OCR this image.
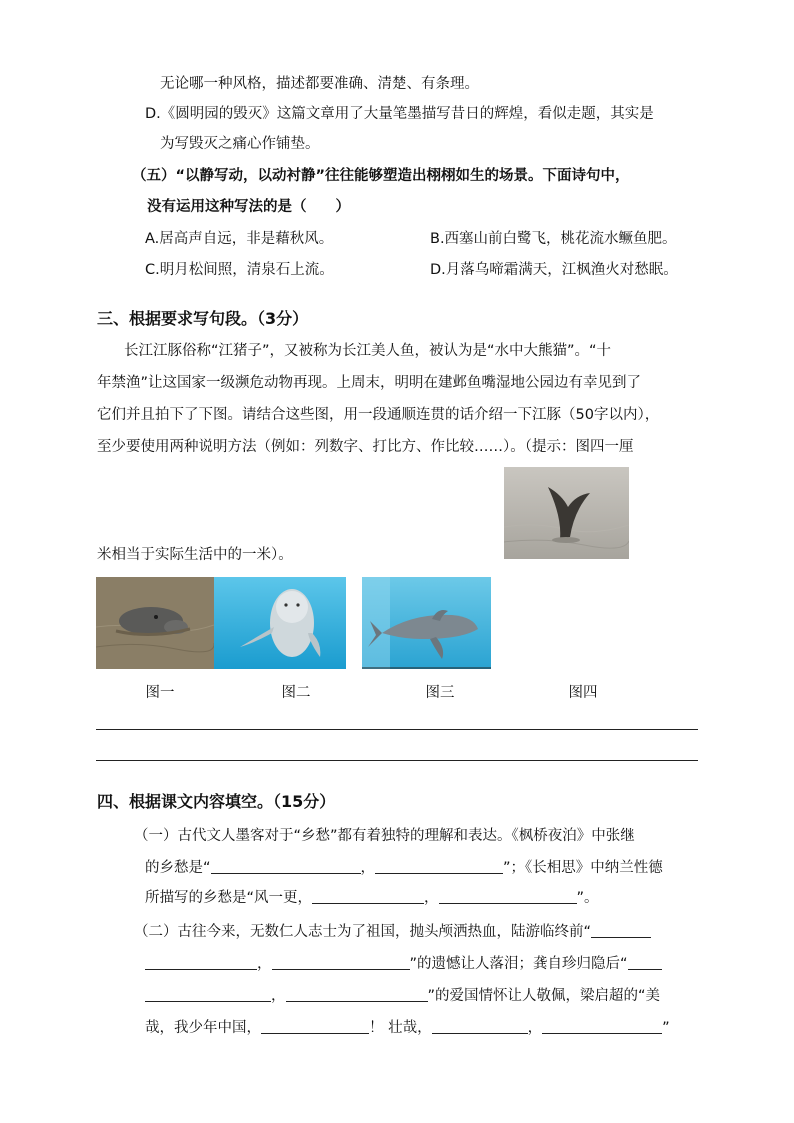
无论哪一种风格，描述都要准确、清楚、有条理。
D.《圆明园的毁灭》这篇文章用了大量笔墨描写昔日的辉煌，看似走题，其实是
为写毁灭之痛心作铺垫。
（五）“以静写动，以动衬静”往往能够塑造出栩栩如生的场景。下面诗句中，
没有运用这种写法的是（　　）
A.居高声自远，非是藉秋风。	B.西塞山前白鹭飞，桃花流水鳜鱼肥。
C.明月松间照，清泉石上流。	D.月落乌啼霜满天，江枫渔火对愁眠。
三、根据要求写句段。（3分）
长江江豚俗称“江猪子”，又被称为长江美人鱼，被认为是“水中大熊猫”。“十
年禁渔”让这国家一级濒危动物再现。上周末，明明在建邺鱼嘴湿地公园边有幸见到了
它们并且拍下了下图。请结合这些图，用一段通顺连贯的话介绍一下江豚（50字以内），
至少要使用两种说明方法（例如：列数字、打比方、作比较……）。（提示：图四一厘
米相当于实际生活中的一米）。
图一	图二	图三	图四
四、根据课文内容填空。（15分）
（一）古代文人墨客对于“乡愁”都有着独特的理解和表达。《枫桥夜泊》中张继
的乡愁是“	，	”；《长相思》中纳兰性德
所描写的乡愁是“风一更，	，	”。
（二）古往今来，无数仁人志士为了祖国，抛头颅洒热血，陆游临终前“
，	”的遗憾让人落泪；龚自珍归隐后“
，	”的爱国情怀让人敬佩，梁启超的“美
哉，我少年中国，	！ 壮哉，	，	”
